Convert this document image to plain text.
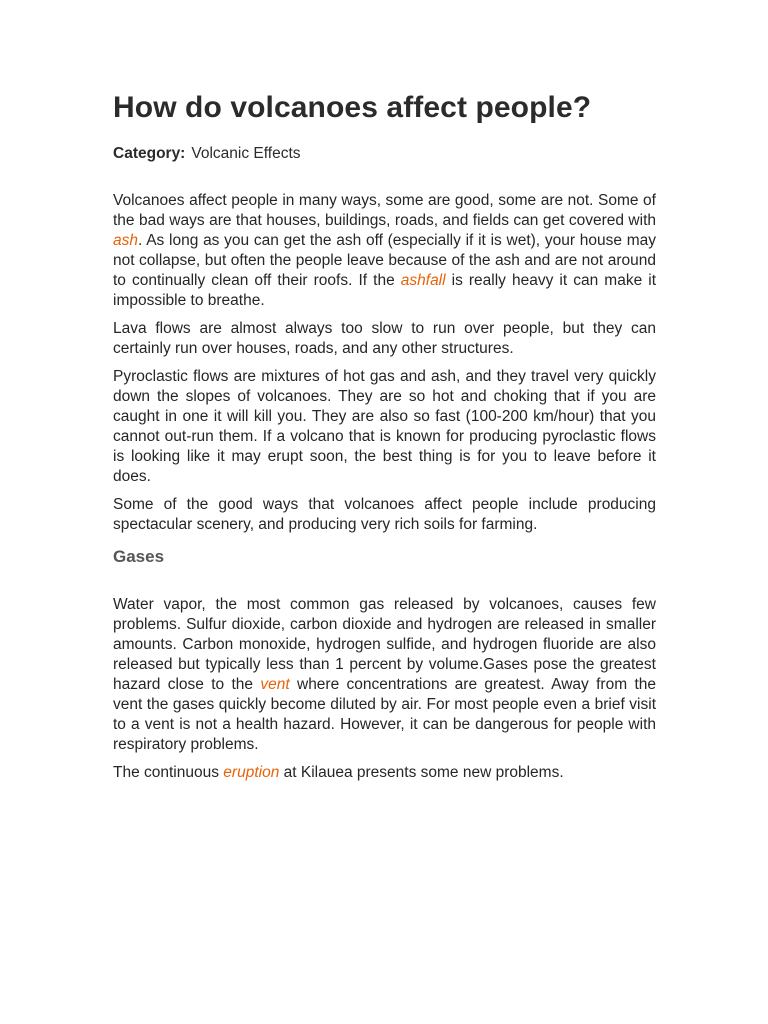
How do volcanoes affect people?
Category: Volcanic Effects

Volcanoes affect people in many ways, some are good, some are not. Some of the bad ways are that houses, buildings, roads, and fields can get covered with ash. As long as you can get the ash off (especially if it is wet), your house may not collapse, but often the people leave because of the ash and are not around to continually clean off their roofs. If the ashfall is really heavy it can make it impossible to breathe.

Lava flows are almost always too slow to run over people, but they can certainly run over houses, roads, and any other structures.

Pyroclastic flows are mixtures of hot gas and ash, and they travel very quickly down the slopes of volcanoes. They are so hot and choking that if you are caught in one it will kill you. They are also so fast (100-200 km/hour) that you cannot out-run them. If a volcano that is known for producing pyroclastic flows is looking like it may erupt soon, the best thing is for you to leave before it does.

Some of the good ways that volcanoes affect people include producing spectacular scenery, and producing very rich soils for farming.

Gases

Water vapor, the most common gas released by volcanoes, causes few problems. Sulfur dioxide, carbon dioxide and hydrogen are released in smaller amounts. Carbon monoxide, hydrogen sulfide, and hydrogen fluoride are also released but typically less than 1 percent by volume.Gases pose the greatest hazard close to the vent where concentrations are greatest. Away from the vent the gases quickly become diluted by air. For most people even a brief visit to a vent is not a health hazard. However, it can be dangerous for people with respiratory problems.

The continuous eruption at Kilauea presents some new problems.
